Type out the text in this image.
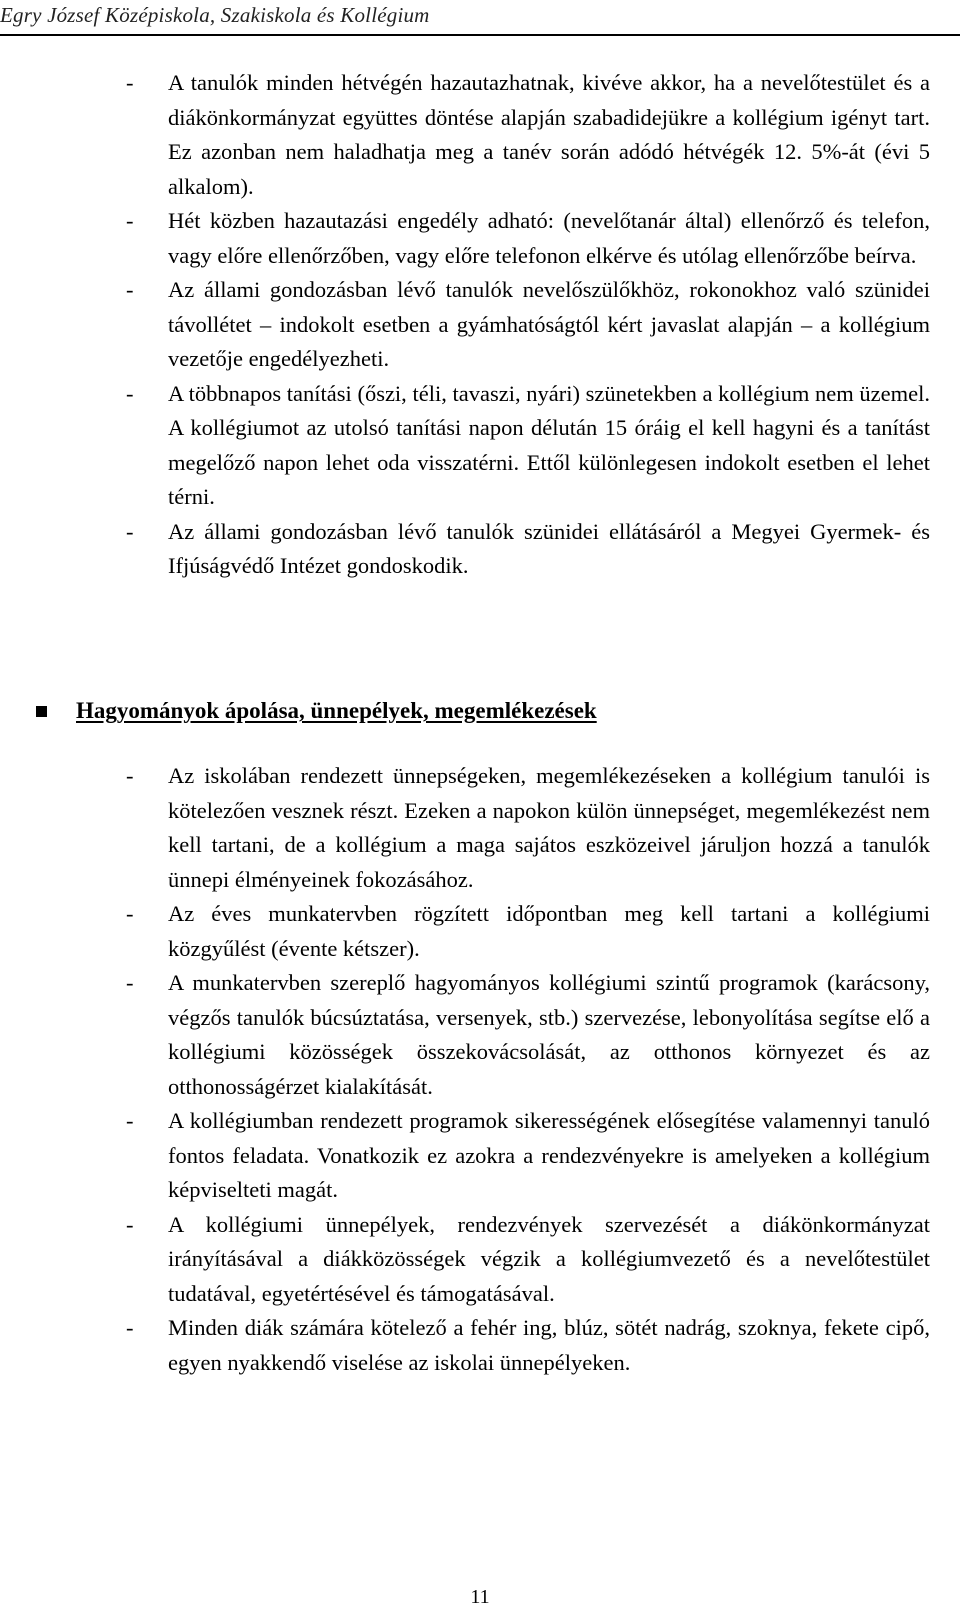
Egry József Középiskola, Szakiskola és Kollégium
- A tanulók minden hétvégén hazautazhatnak, kivéve akkor, ha a nevelőtestület és a diákönkormányzat együttes döntése alapján szabadidejükre a kollégium igényt tart. Ez azonban nem haladhatja meg a tanév során adódó hétvégék 12. 5%-át (évi 5 alkalom).
- Hét közben hazautazási engedély adható: (nevelőtanár által) ellenőrző és telefon, vagy előre ellenőrzőben, vagy előre telefonon elkérve és utólag ellenőrzőbe beírva.
- Az állami gondozásban lévő tanulók nevelőszülőkhöz, rokonokhoz való szünidei távollétet – indokolt esetben a gyámhatóságtól kért javaslat alapján – a kollégium vezetője engedélyezheti.
- A többnapos tanítási (őszi, téli, tavaszi, nyári) szünetekben a kollégium nem üzemel. A kollégiumot az utolsó tanítási napon délután 15 óráig el kell hagyni és a tanítást megelőző napon lehet oda visszatérni. Ettől különlegesen indokolt esetben el lehet térni.
- Az állami gondozásban lévő tanulók szünidei ellátásáról a Megyei Gyermek- és Ifjúságvédő Intézet gondoskodik.
Hagyományok ápolása, ünnepélyek, megemlékezések
- Az iskolában rendezett ünnepségeken, megemlékezéseken a kollégium tanulói is kötelezően vesznek részt. Ezeken a napokon külön ünnepséget, megemlékezést nem kell tartani, de a kollégium a maga sajátos eszközeivel járuljon hozzá a tanulók ünnepi élményeinek fokozásához.
- Az éves munkatervben rögzített időpontban meg kell tartani a kollégiumi közgyűlést (évente kétszer).
- A munkatervben szereplő hagyományos kollégiumi szintű programok (karácsony, végzős tanulók búcsúztatása, versenyek, stb.) szervezése, lebonyolítása segítse elő a kollégiumi közösségek összekovácsolását, az otthonos környezet és az otthonosságérzet kialakítását.
- A kollégiumban rendezett programok sikerességének elősegítése valamennyi tanuló fontos feladata. Vonatkozik ez azokra a rendezvényekre is amelyeken a kollégium képviselteti magát.
- A kollégiumi ünnepélyek, rendezvények szervezését a diákönkormányzat irányításával a diákközösségek végzik a kollégiumvezető és a nevelőtestület tudatával, egyetértésével és támogatásával.
- Minden diák számára kötelező a fehér ing, blúz, sötét nadrág, szoknya, fekete cipő, egyen nyakkendő viselése az iskolai ünnepélyeken.
11
